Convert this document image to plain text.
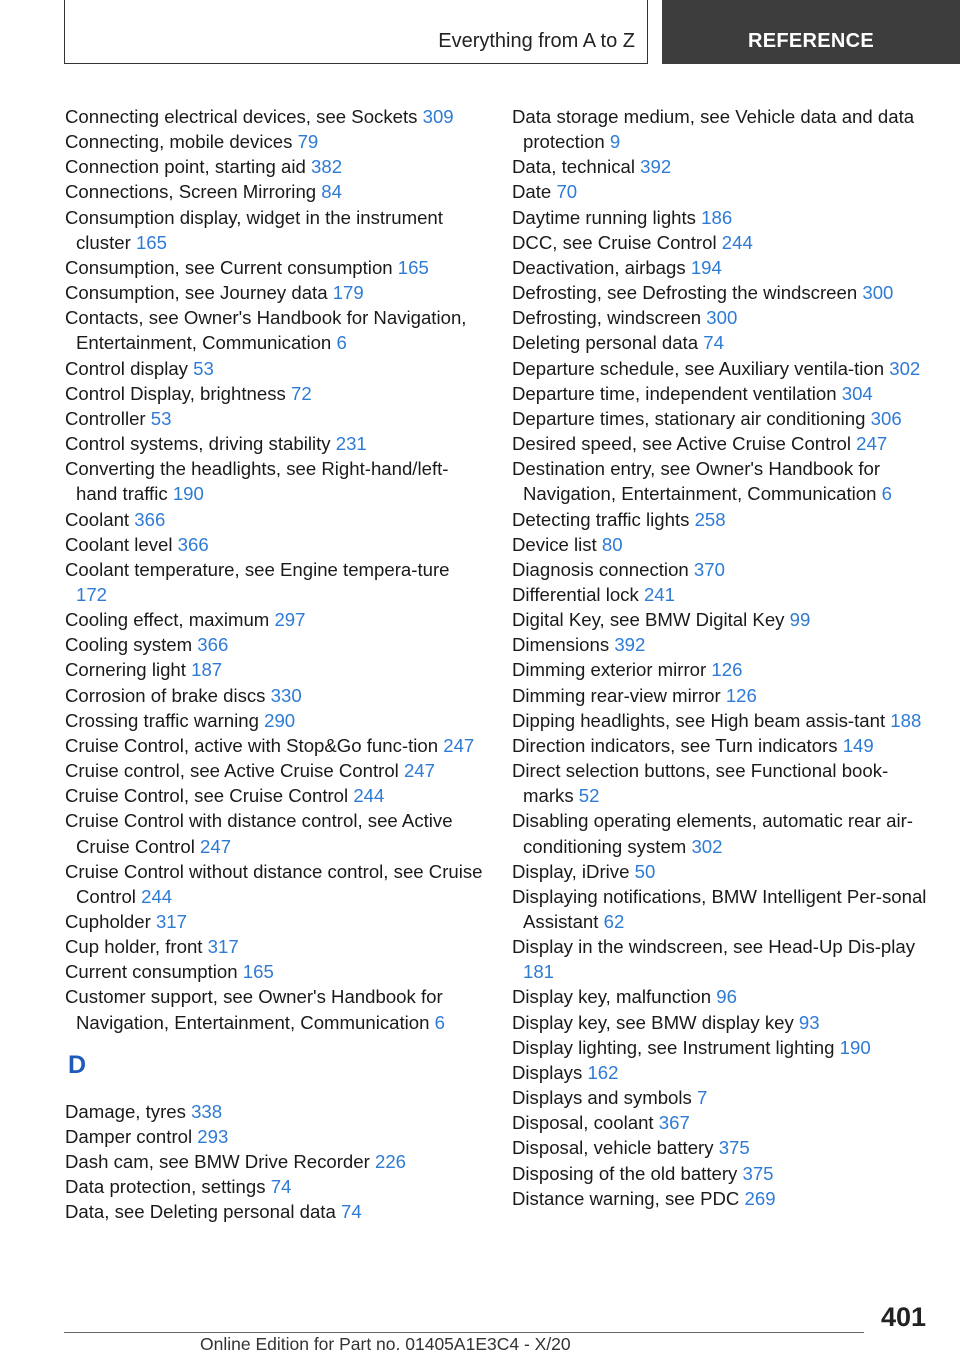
Everything from A to Z	REFERENCE
Connecting electrical devices, see Sockets 309
Connecting, mobile devices 79
Connection point, starting aid 382
Connections, Screen Mirroring 84
Consumption display, widget in the instrument cluster 165
Consumption, see Current consumption 165
Consumption, see Journey data 179
Contacts, see Owner's Handbook for Navigation, Entertainment, Communication 6
Control display 53
Control Display, brightness 72
Controller 53
Control systems, driving stability 231
Converting the headlights, see Right-hand/left-hand traffic 190
Coolant 366
Coolant level 366
Coolant temperature, see Engine tempera-ture 172
Cooling effect, maximum 297
Cooling system 366
Cornering light 187
Corrosion of brake discs 330
Crossing traffic warning 290
Cruise Control, active with Stop&Go func-tion 247
Cruise control, see Active Cruise Control 247
Cruise Control, see Cruise Control 244
Cruise Control with distance control, see Active Cruise Control 247
Cruise Control without distance control, see Cruise Control 244
Cupholder 317
Cup holder, front 317
Current consumption 165
Customer support, see Owner's Handbook for Navigation, Entertainment, Communication 6
D
Damage, tyres 338
Damper control 293
Dash cam, see BMW Drive Recorder 226
Data protection, settings 74
Data, see Deleting personal data 74
Data storage medium, see Vehicle data and data protection 9
Data, technical 392
Date 70
Daytime running lights 186
DCC, see Cruise Control 244
Deactivation, airbags 194
Defrosting, see Defrosting the windscreen 300
Defrosting, windscreen 300
Deleting personal data 74
Departure schedule, see Auxiliary ventila-tion 302
Departure time, independent ventilation 304
Departure times, stationary air conditioning 306
Desired speed, see Active Cruise Control 247
Destination entry, see Owner's Handbook for Navigation, Entertainment, Communication 6
Detecting traffic lights 258
Device list 80
Diagnosis connection 370
Differential lock 241
Digital Key, see BMW Digital Key 99
Dimensions 392
Dimming exterior mirror 126
Dimming rear-view mirror 126
Dipping headlights, see High beam assis-tant 188
Direction indicators, see Turn indicators 149
Direct selection buttons, see Functional book-marks 52
Disabling operating elements, automatic rear air-conditioning system 302
Display, iDrive 50
Displaying notifications, BMW Intelligent Per-sonal Assistant 62
Display in the windscreen, see Head-Up Dis-play 181
Display key, malfunction 96
Display key, see BMW display key 93
Display lighting, see Instrument lighting 190
Displays 162
Displays and symbols 7
Disposal, coolant 367
Disposal, vehicle battery 375
Disposing of the old battery 375
Distance warning, see PDC 269
401
Online Edition for Part no. 01405A1E3C4 - X/20
